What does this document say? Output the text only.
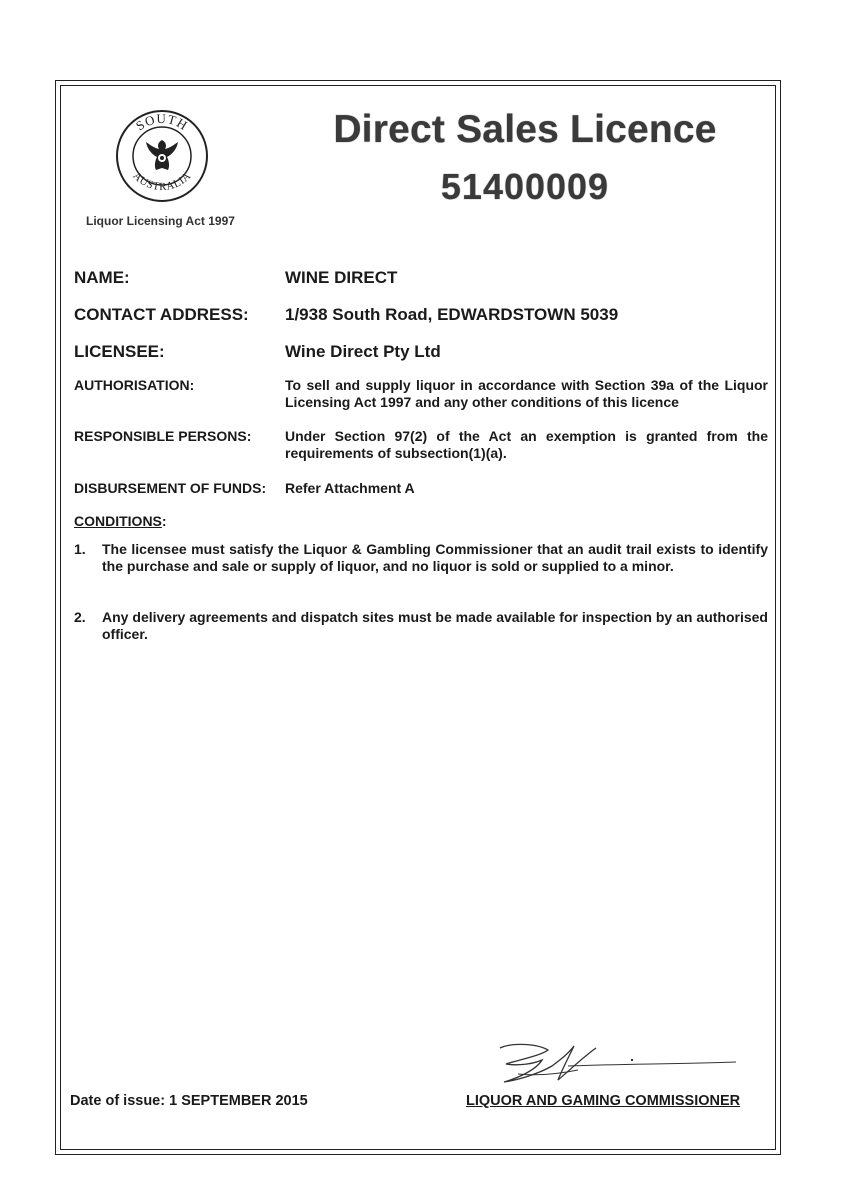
SOUTH
AUSTRALIA
Liquor Licensing Act 1997
Direct Sales Licence
51400009
NAME:	WINE DIRECT
CONTACT ADDRESS: 1/938 South Road, EDWARDSTOWN 5039
LICENSEE:	Wine Direct Pty Ltd
AUTHORISATION:	To sell and supply liquor in accordance with Section 39a of the Liquor Licensing Act 1997 and any other conditions of this licence
RESPONSIBLE PERSONS: Under Section 97(2) of the Act an exemption is granted from the requirements of subsection(1)(a).
DISBURSEMENT OF FUNDS: Refer Attachment A
CONDITIONS:
1. The licensee must satisfy the Liquor & Gambling Commissioner that an audit trail exists to identify the purchase and sale or supply of liquor, and no liquor is sold or supplied to a minor.
2. Any delivery agreements and dispatch sites must be made available for inspection by an authorised officer.
Date of issue: 1 SEPTEMBER 2015	LIQUOR AND GAMING COMMISSIONER
